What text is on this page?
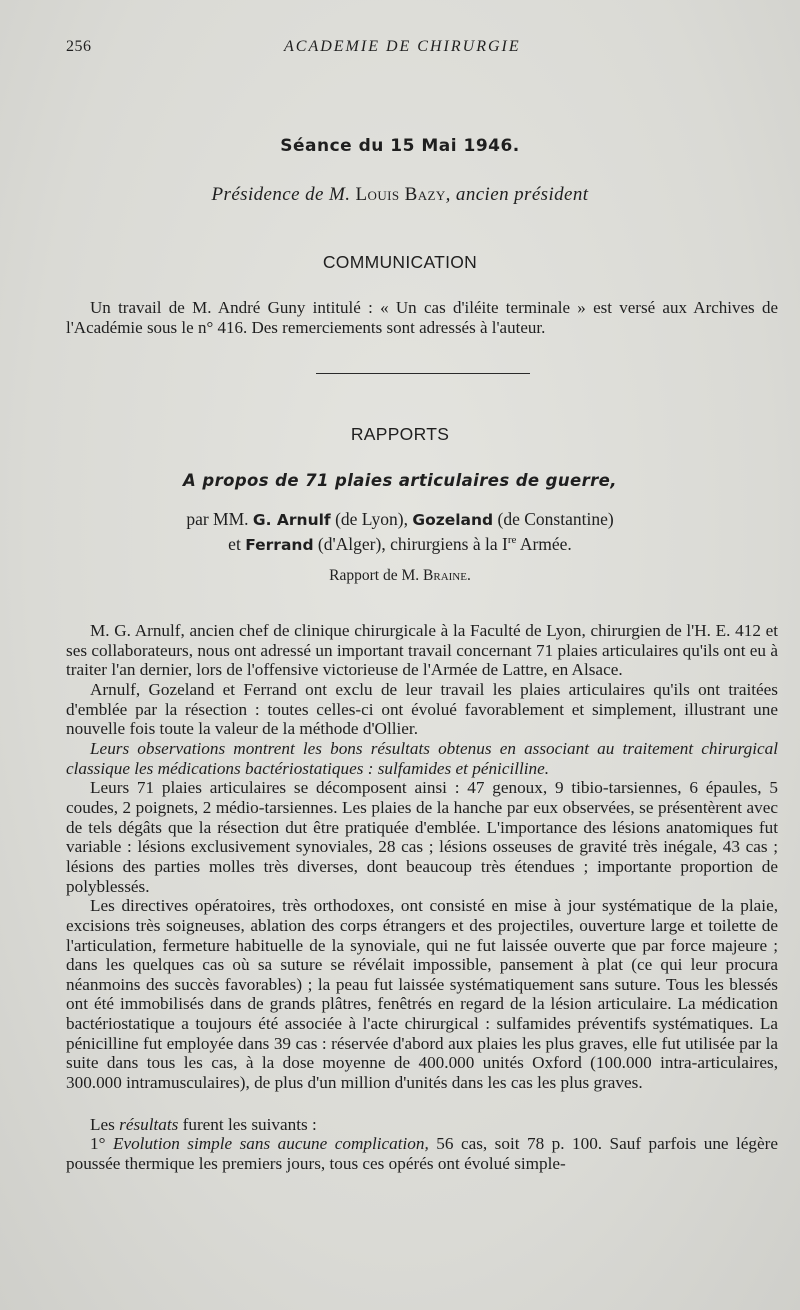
256	ACADEMIE DE CHIRURGIE
Séance du 15 Mai 1946.
Présidence de M. Louis Bazy, ancien président
COMMUNICATION

Un travail de M. André Guny intitulé : « Un cas d'iléite terminale » est versé aux Archives de l'Académie sous le n° 416. Des remerciements sont adressés à l'auteur.

RAPPORTS
A propos de 71 plaies articulaires de guerre,
par MM. G. Arnulf (de Lyon), Gozeland (de Constantine)
et Ferrand (d'Alger), chirurgiens à la Ire Armée.
Rapport de M. Braine.

M. G. Arnulf, ancien chef de clinique chirurgicale à la Faculté de Lyon, chirurgien de l'H. E. 412 et ses collaborateurs, nous ont adressé un important travail concernant 71 plaies articulaires qu'ils ont eu à traiter l'an dernier, lors de l'offensive victorieuse de l'Armée de Lattre, en Alsace.

Arnulf, Gozeland et Ferrand ont exclu de leur travail les plaies articulaires qu'ils ont traitées d'emblée par la résection : toutes celles-ci ont évolué favorablement et simplement, illustrant une nouvelle fois toute la valeur de la méthode d'Ollier.

Leurs observations montrent les bons résultats obtenus en associant au traitement chirurgical classique les médications bactériostatiques : sulfamides et pénicilline.

Leurs 71 plaies articulaires se décomposent ainsi : 47 genoux, 9 tibio-tarsiennes, 6 épaules, 5 coudes, 2 poignets, 2 médio-tarsiennes. Les plaies de la hanche par eux observées, se présentèrent avec de tels dégâts que la résection dut être pratiquée d'emblée. L'importance des lésions anatomiques fut variable : lésions exclusivement synoviales, 28 cas ; lésions osseuses de gravité très inégale, 43 cas ; lésions des parties molles très diverses, dont beaucoup très étendues ; importante proportion de polyblessés.

Les directives opératoires, très orthodoxes, ont consisté en mise à jour systématique de la plaie, excisions très soigneuses, ablation des corps étrangers et des projectiles, ouverture large et toilette de l'articulation, fermeture habituelle de la synoviale, qui ne fut laissée ouverte que par force majeure ; dans les quelques cas où sa suture se révélait impossible, pansement à plat (ce qui leur procura néanmoins des succès favorables) ; la peau fut laissée systématiquement sans suture. Tous les blessés ont été immobilisés dans de grands plâtres, fenêtrés en regard de la lésion articulaire. La médication bactériostatique a toujours été associée à l'acte chirurgical : sulfamides préventifs systématiques. La pénicilline fut employée dans 39 cas : réservée d'abord aux plaies les plus graves, elle fut utilisée par la suite dans tous les cas, à la dose moyenne de 400.000 unités Oxford (100.000 intra-articulaires, 300.000 intramusculaires), de plus d'un million d'unités dans les cas les plus graves.

Les résultats furent les suivants :

1° Evolution simple sans aucune complication, 56 cas, soit 78 p. 100. Sauf parfois une légère poussée thermique les premiers jours, tous ces opérés ont évolué simple-
